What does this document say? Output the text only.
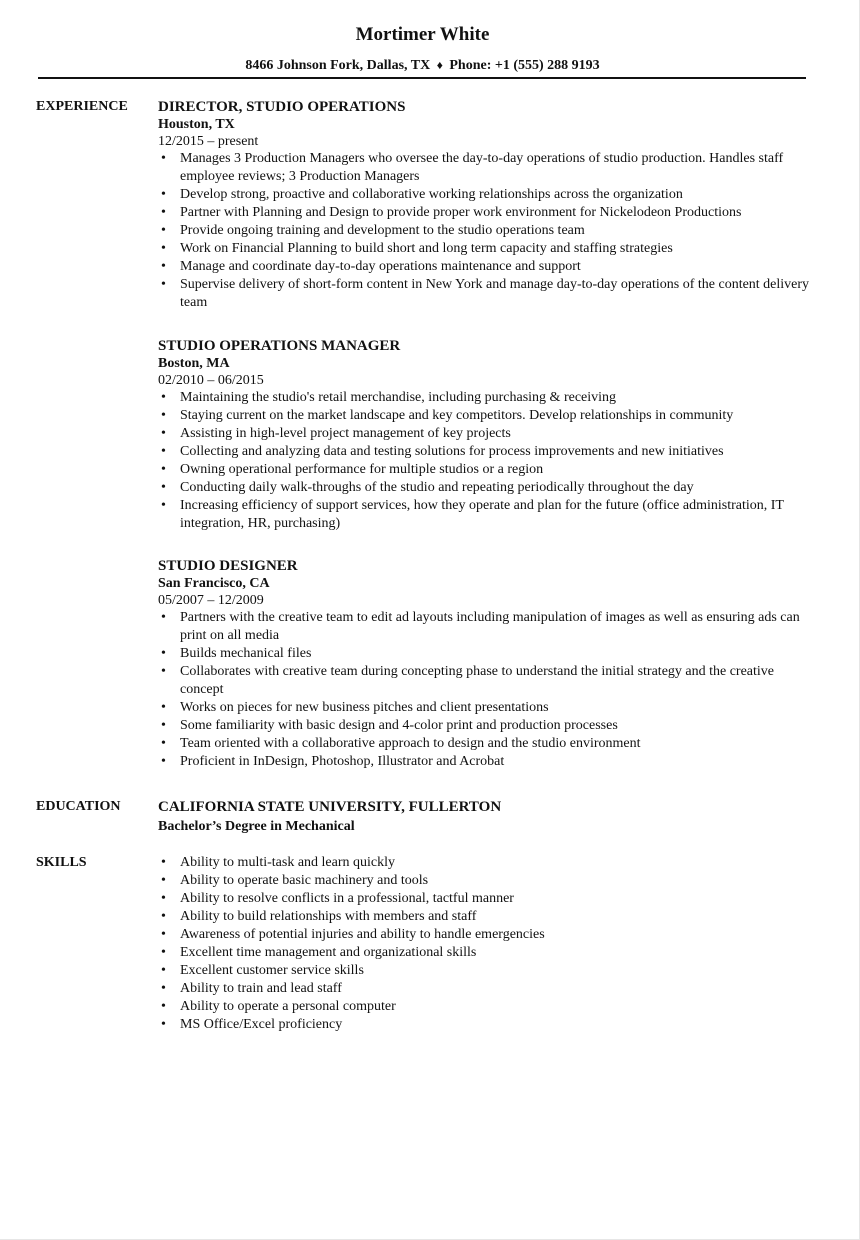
Mortimer White
8466 Johnson Fork, Dallas, TX ♦ Phone: +1 (555) 288 9193
EXPERIENCE DIRECTOR, STUDIO OPERATIONS
Houston, TX
12/2015 – present
• Manages 3 Production Managers who oversee the day-to-day operations of studio production. Handles staff employee reviews; 3 Production Managers
• Develop strong, proactive and collaborative working relationships across the organization
• Partner with Planning and Design to provide proper work environment for Nickelodeon Productions
• Provide ongoing training and development to the studio operations team
• Work on Financial Planning to build short and long term capacity and staffing strategies
• Manage and coordinate day-to-day operations maintenance and support
• Supervise delivery of short-form content in New York and manage day-to-day operations of the content delivery team
STUDIO OPERATIONS MANAGER
Boston, MA
02/2010 – 06/2015
• Maintaining the studio's retail merchandise, including purchasing & receiving
• Staying current on the market landscape and key competitors. Develop relationships in community
• Assisting in high-level project management of key projects
• Collecting and analyzing data and testing solutions for process improvements and new initiatives
• Owning operational performance for multiple studios or a region
• Conducting daily walk-throughs of the studio and repeating periodically throughout the day
• Increasing efficiency of support services, how they operate and plan for the future (office administration, IT integration, HR, purchasing)
STUDIO DESIGNER
San Francisco, CA
05/2007 – 12/2009
• Partners with the creative team to edit ad layouts including manipulation of images as well as ensuring ads can print on all media
• Builds mechanical files
• Collaborates with creative team during concepting phase to understand the initial strategy and the creative concept
• Works on pieces for new business pitches and client presentations
• Some familiarity with basic design and 4-color print and production processes
• Team oriented with a collaborative approach to design and the studio environment
• Proficient in InDesign, Photoshop, Illustrator and Acrobat
EDUCATION CALIFORNIA STATE UNIVERSITY, FULLERTON
Bachelor’s Degree in Mechanical
SKILLS	• Ability to multi-task and learn quickly
• Ability to operate basic machinery and tools
• Ability to resolve conflicts in a professional, tactful manner
• Ability to build relationships with members and staff
• Awareness of potential injuries and ability to handle emergencies
• Excellent time management and organizational skills
• Excellent customer service skills
• Ability to train and lead staff
• Ability to operate a personal computer
• MS Office/Excel proficiency
